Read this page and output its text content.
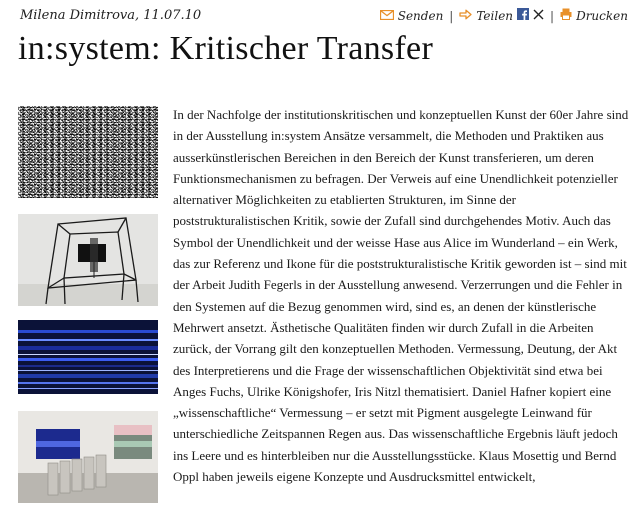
Milena Dimitrova, 11.07.10	Senden | Teilen	| Drucken
in:system: Kritischer Transfer

In der Nachfolge der institutionskritischen und konzeptuellen Kunst der 60er Jahre sind in der Ausstellung in:system Ansätze versammelt, die Methoden und Praktiken aus ausserkünstlerischen Bereichen in den Bereich der Kunst transferieren, um deren Funktionsmechanismen zu befragen. Der Verweis auf eine Unendlichkeit potenzieller alternativer Möglichkeiten zu etablierten Strukturen, im Sinne der poststrukturalistischen Kritik, sowie der Zufall sind durchgehendes Motiv. Auch das Symbol der Unendlichkeit und der weisse Hase aus Alice im Wunderland – ein Werk, das zur Referenz und Ikone für die poststrukturalistische Kritik geworden ist – sind mit der Arbeit Judith Fegerls in der Ausstellung anwesend. Verzerrungen und die Fehler in den Systemen auf die Bezug genommen wird, sind es, an denen der künstlerische Mehrwert ansetzt. Ästhetische Qualitäten finden wir durch Zufall in die Arbeiten zurück, der Vorrang gilt den konzeptuellen Methoden. Vermessung, Deutung, der Akt des Interpretierens und die Frage der wissenschaftlichen Objektivität sind etwa bei Anges Fuchs, Ulrike Königshofer, Iris Nitzl thematisiert. Daniel Hafner kopiert eine „wissenschaftliche“ Vermessung – er setzt mit Pigment ausgelegte Leinwand für unterschiedliche Zeitspannen Regen aus. Das wissenschaftliche Ergebnis läuft jedoch ins Leere und es hinterbleiben nur die Ausstellungsstücke. Klaus Mosettig und Bernd Oppl haben jeweils eigene Konzepte und Ausdrucksmittel entwickelt,
